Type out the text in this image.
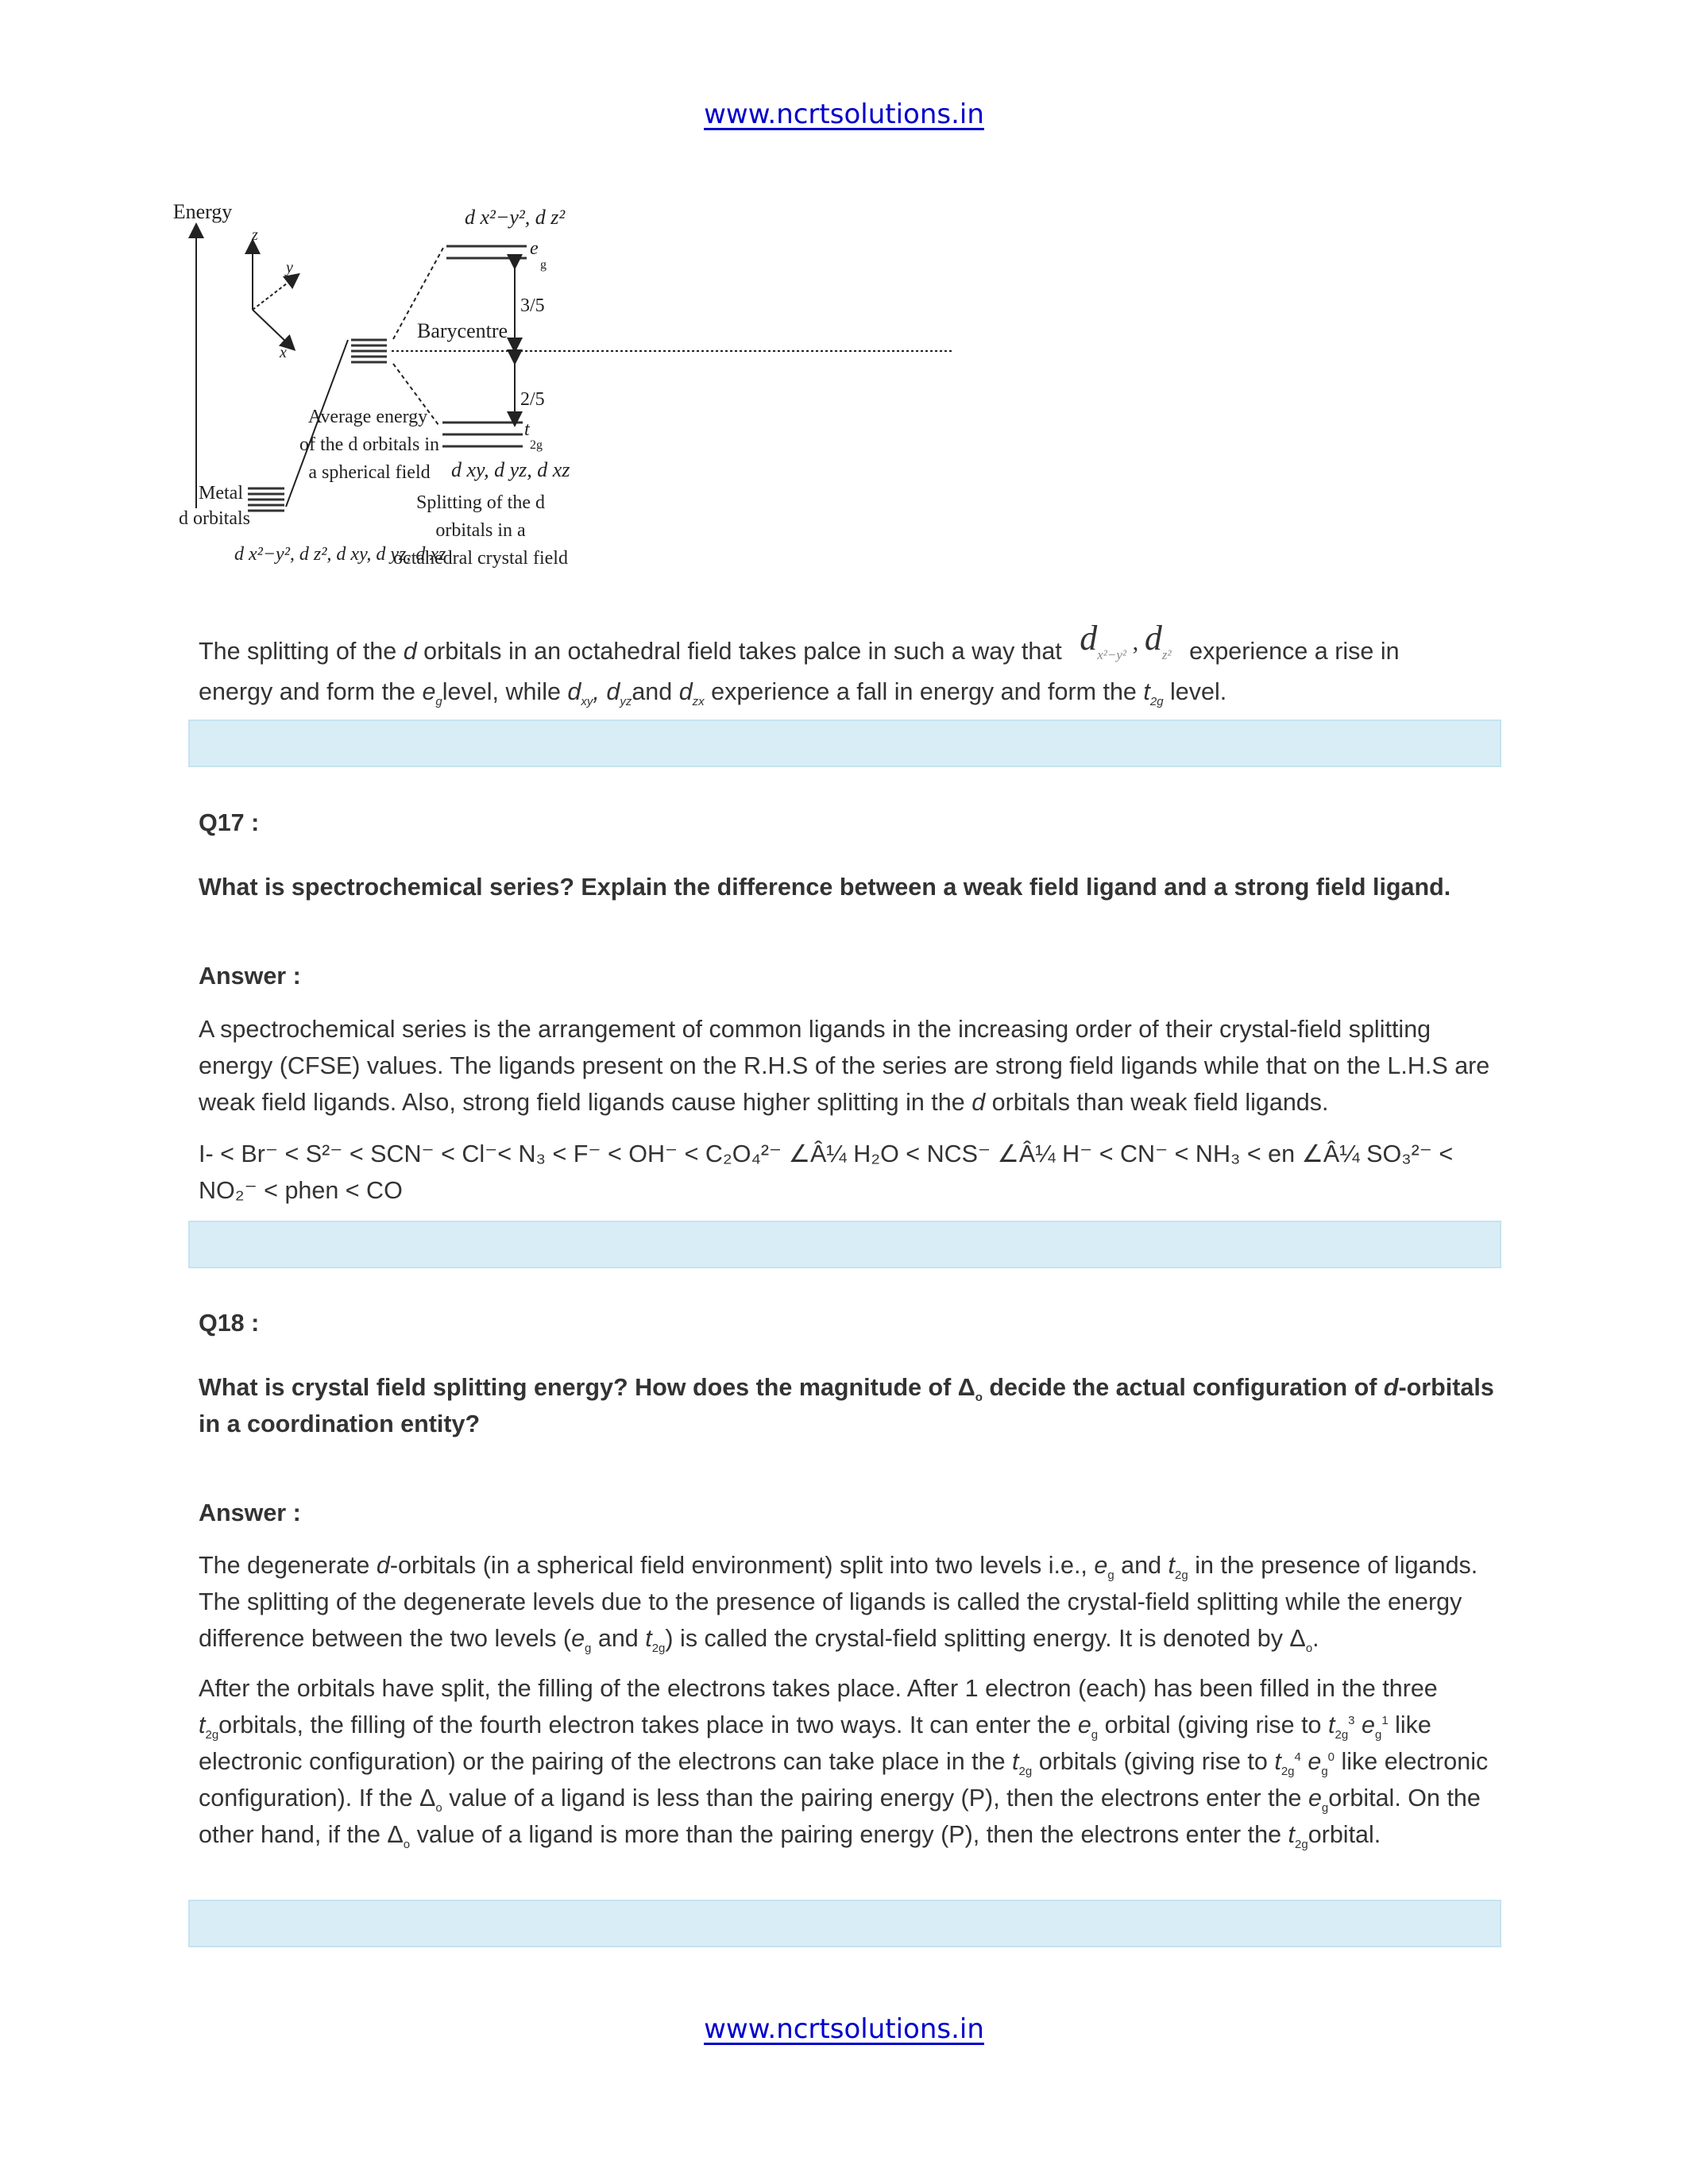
www.ncrtsolutions.in
Energy
z
y
x
Metal
d orbitals
d x²−y², d z², d xy, d yz, d xz
Average energy
of the d orbitals in
a spherical field
Barycentre
d x²−y², d z²
e
g
t
2g
d xy, d yz, d xz
3/5
2/5
Splitting of the d
orbitals in a
octahedral crystal field

The splitting of the d orbitals in an octahedral field takes palce in such a way that $d_{x^2-y^2}$ , $d_{z^2}$ experience a rise in
energy and form the $e_glevel$, while $d_{xy}$, $d_{yz}and$ $d_{zx}$ experience a fall in energy and form the $t_{2g}$ level.

Q17 :

What is spectrochemical series? Explain the difference between a weak field ligand and a strong field ligand.

Answer :

A spectrochemical series is the arrangement of common ligands in the increasing order of their crystal-field splitting energy (CFSE) values. The ligands present on the R.H.S of the series are strong field ligands while that on the L.H.S are weak field ligands. Also, strong field ligands cause higher splitting in the d orbitals than weak field ligands.

I- < Br⁻ < S²⁻ < SCN⁻ < Cl⁻< N₃ < F⁻ < OH⁻ < C₂O₄²⁻ ∠Â¼ H₂O < NCS⁻ ∠Â¼ H⁻ < CN⁻ < NH₃ < en ∠Â¼ SO₃²⁻ < NO₂⁻ < phen < CO

Q18 :

What is crystal field splitting energy? How does the magnitude of $\Delta_o$ decide the actual configuration of d-orbitals in a coordination entity?

Answer :

The degenerate d-orbitals (in a spherical field environment) split into two levels i.e., $e_g$ and $t_{2g}$ in the presence of ligands. The splitting of the degenerate levels due to the presence of ligands is called the crystal-field splitting while the energy difference between the two levels ($e_g$ and $t_{2g}$) is called the crystal-field splitting energy. It is denoted by $\Delta_o$.

After the orbitals have split, the filling of the electrons takes place. After 1 electron (each) has been filled in the three $t_{2g}orbitals$, the filling of the fourth electron takes place in two ways. It can enter the $e_g$ orbital (giving rise to $t_{2g}^3$ $e_g^1$ like electronic configuration) or the pairing of the electrons can take place in the $t_{2g}$ orbitals (giving rise to $t_{2g}^4$ $e_g^0$ like electronic configuration). If the $\Delta_o$ value of a ligand is less than the pairing energy (P), then the electrons enter the $e_gorbital$. On the other hand, if the $\Delta_o$ value of a ligand is more than the pairing energy (P), then the electrons enter the $t_{2g}orbital$.

www.ncrtsolutions.in
